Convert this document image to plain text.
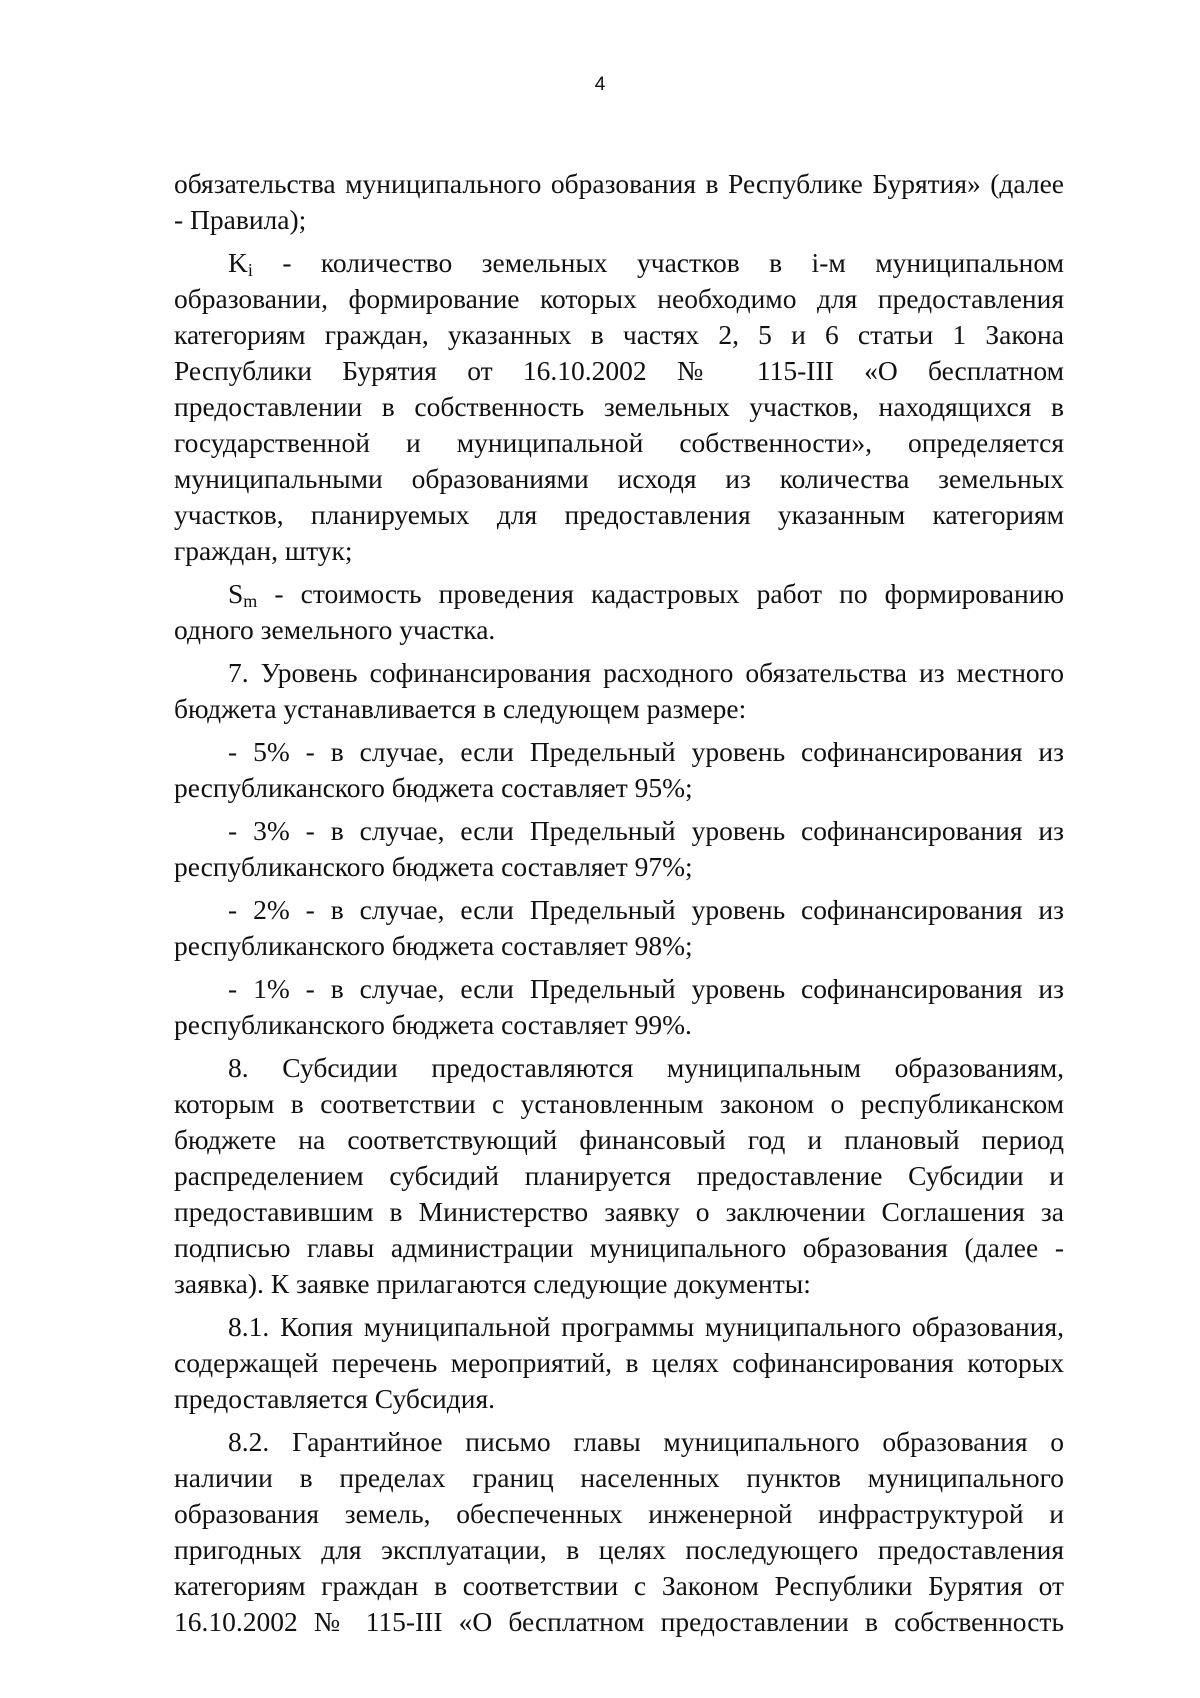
4

обязательства муниципального образования в Республике Бурятия» (далее - Правила);

$K_i$ - количество земельных участков в i-м муниципальном образовании, формирование которых необходимо для предоставления категориям граждан, указанных в частях 2, 5 и 6 статьи 1 Закона Республики Бурятия от 16.10.2002 № 115-III «О бесплатном предоставлении в собственность земельных участков, находящихся в государственной и муниципальной собственности», определяется муниципальными образованиями исходя из количества земельных участков, планируемых для предоставления указанным категориям граждан, штук;

$S_m$ - стоимость проведения кадастровых работ по формированию одного земельного участка.

7. Уровень софинансирования расходного обязательства из местного бюджета устанавливается в следующем размере:

- 5% - в случае, если Предельный уровень софинансирования из республиканского бюджета составляет 95%;

- 3% - в случае, если Предельный уровень софинансирования из республиканского бюджета составляет 97%;

- 2% - в случае, если Предельный уровень софинансирования из республиканского бюджета составляет 98%;

- 1% - в случае, если Предельный уровень софинансирования из республиканского бюджета составляет 99%.

8. Субсидии предоставляются муниципальным образованиям, которым в соответствии с установленным законом о республиканском бюджете на соответствующий финансовый год и плановый период распределением субсидий планируется предоставление Субсидии и предоставившим в Министерство заявку о заключении Соглашения за подписью главы администрации муниципального образования (далее - заявка). К заявке прилагаются следующие документы:

8.1. Копия муниципальной программы муниципального образования, содержащей перечень мероприятий, в целях софинансирования которых предоставляется Субсидия.

8.2. Гарантийное письмо главы муниципального образования о наличии в пределах границ населенных пунктов муниципального образования земель, обеспеченных инженерной инфраструктурой и пригодных для эксплуатации, в целях последующего предоставления категориям граждан в соответствии с Законом Республики Бурятия от 16.10.2002 № 115-III «О бесплатном предоставлении в собственность
